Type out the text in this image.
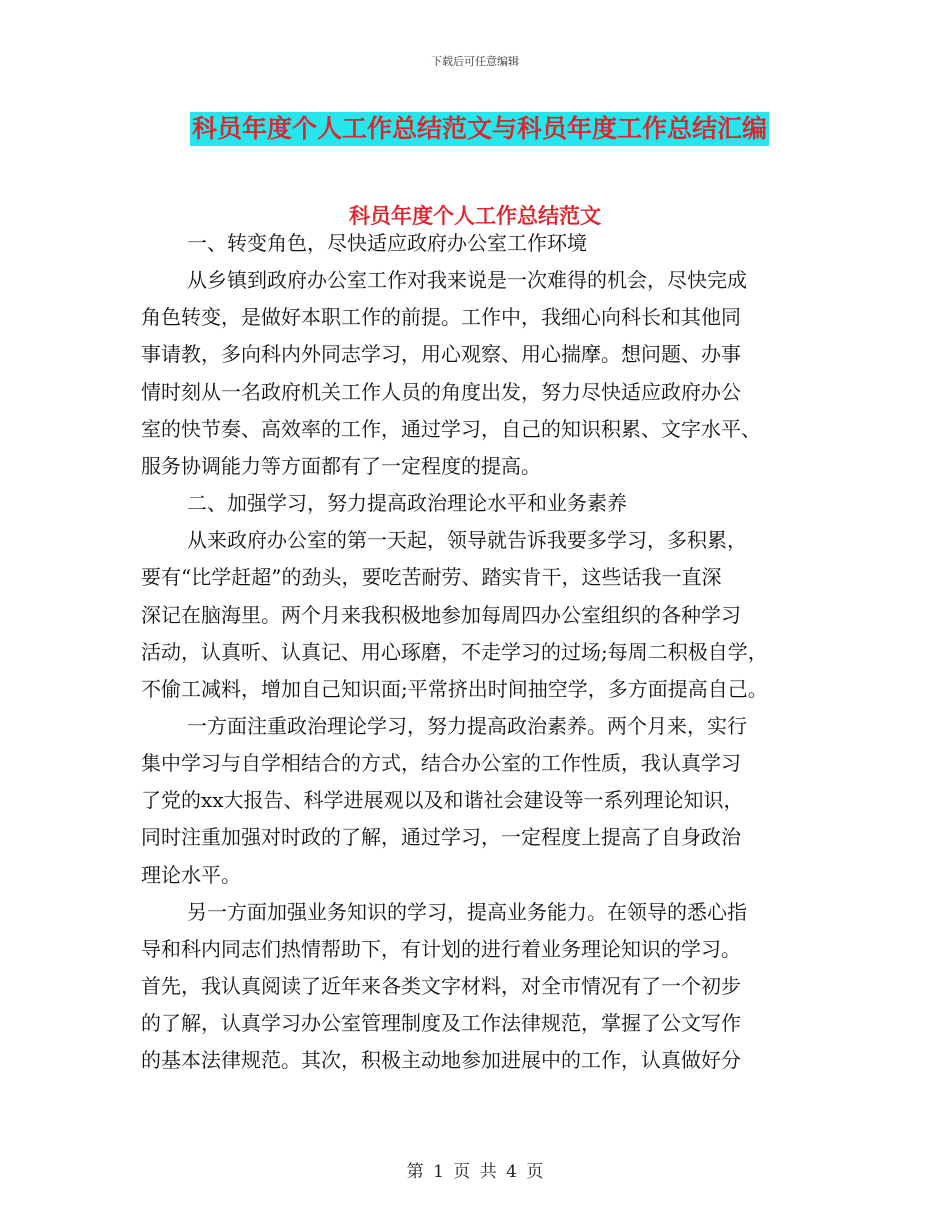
下载后可任意编辑
科员年度个人工作总结范文与科员年度工作总结汇编
科员年度个人工作总结范文
一、转变角色，尽快适应政府办公室工作环境
从乡镇到政府办公室工作对我来说是一次难得的机会，尽快完成
角色转变，是做好本职工作的前提。工作中，我细心向科长和其他同
事请教，多向科内外同志学习，用心观察、用心揣摩。想问题、办事
情时刻从一名政府机关工作人员的角度出发，努力尽快适应政府办公
室的快节奏、高效率的工作，通过学习，自己的知识积累、文字水平、
服务协调能力等方面都有了一定程度的提高。
二、加强学习，努力提高政治理论水平和业务素养
从来政府办公室的第一天起，领导就告诉我要多学习，多积累，
要有“比学赶超”的劲头，要吃苦耐劳、踏实肯干，这些话我一直深
深记在脑海里。两个月来我积极地参加每周四办公室组织的各种学习
活动，认真听、认真记、用心琢磨，不走学习的过场;每周二积极自学，
不偷工减料，增加自己知识面;平常挤出时间抽空学，多方面提高自己。
一方面注重政治理论学习，努力提高政治素养。两个月来，实行
集中学习与自学相结合的方式，结合办公室的工作性质，我认真学习
了党的xx大报告、科学进展观以及和谐社会建设等一系列理论知识，
同时注重加强对时政的了解，通过学习，一定程度上提高了自身政治
理论水平。
另一方面加强业务知识的学习，提高业务能力。在领导的悉心指
导和科内同志们热情帮助下，有计划的进行着业务理论知识的学习。
首先，我认真阅读了近年来各类文字材料，对全市情况有了一个初步
的了解，认真学习办公室管理制度及工作法律规范，掌握了公文写作
的基本法律规范。其次，积极主动地参加进展中的工作，认真做好分
第 1 页 共 4 页
